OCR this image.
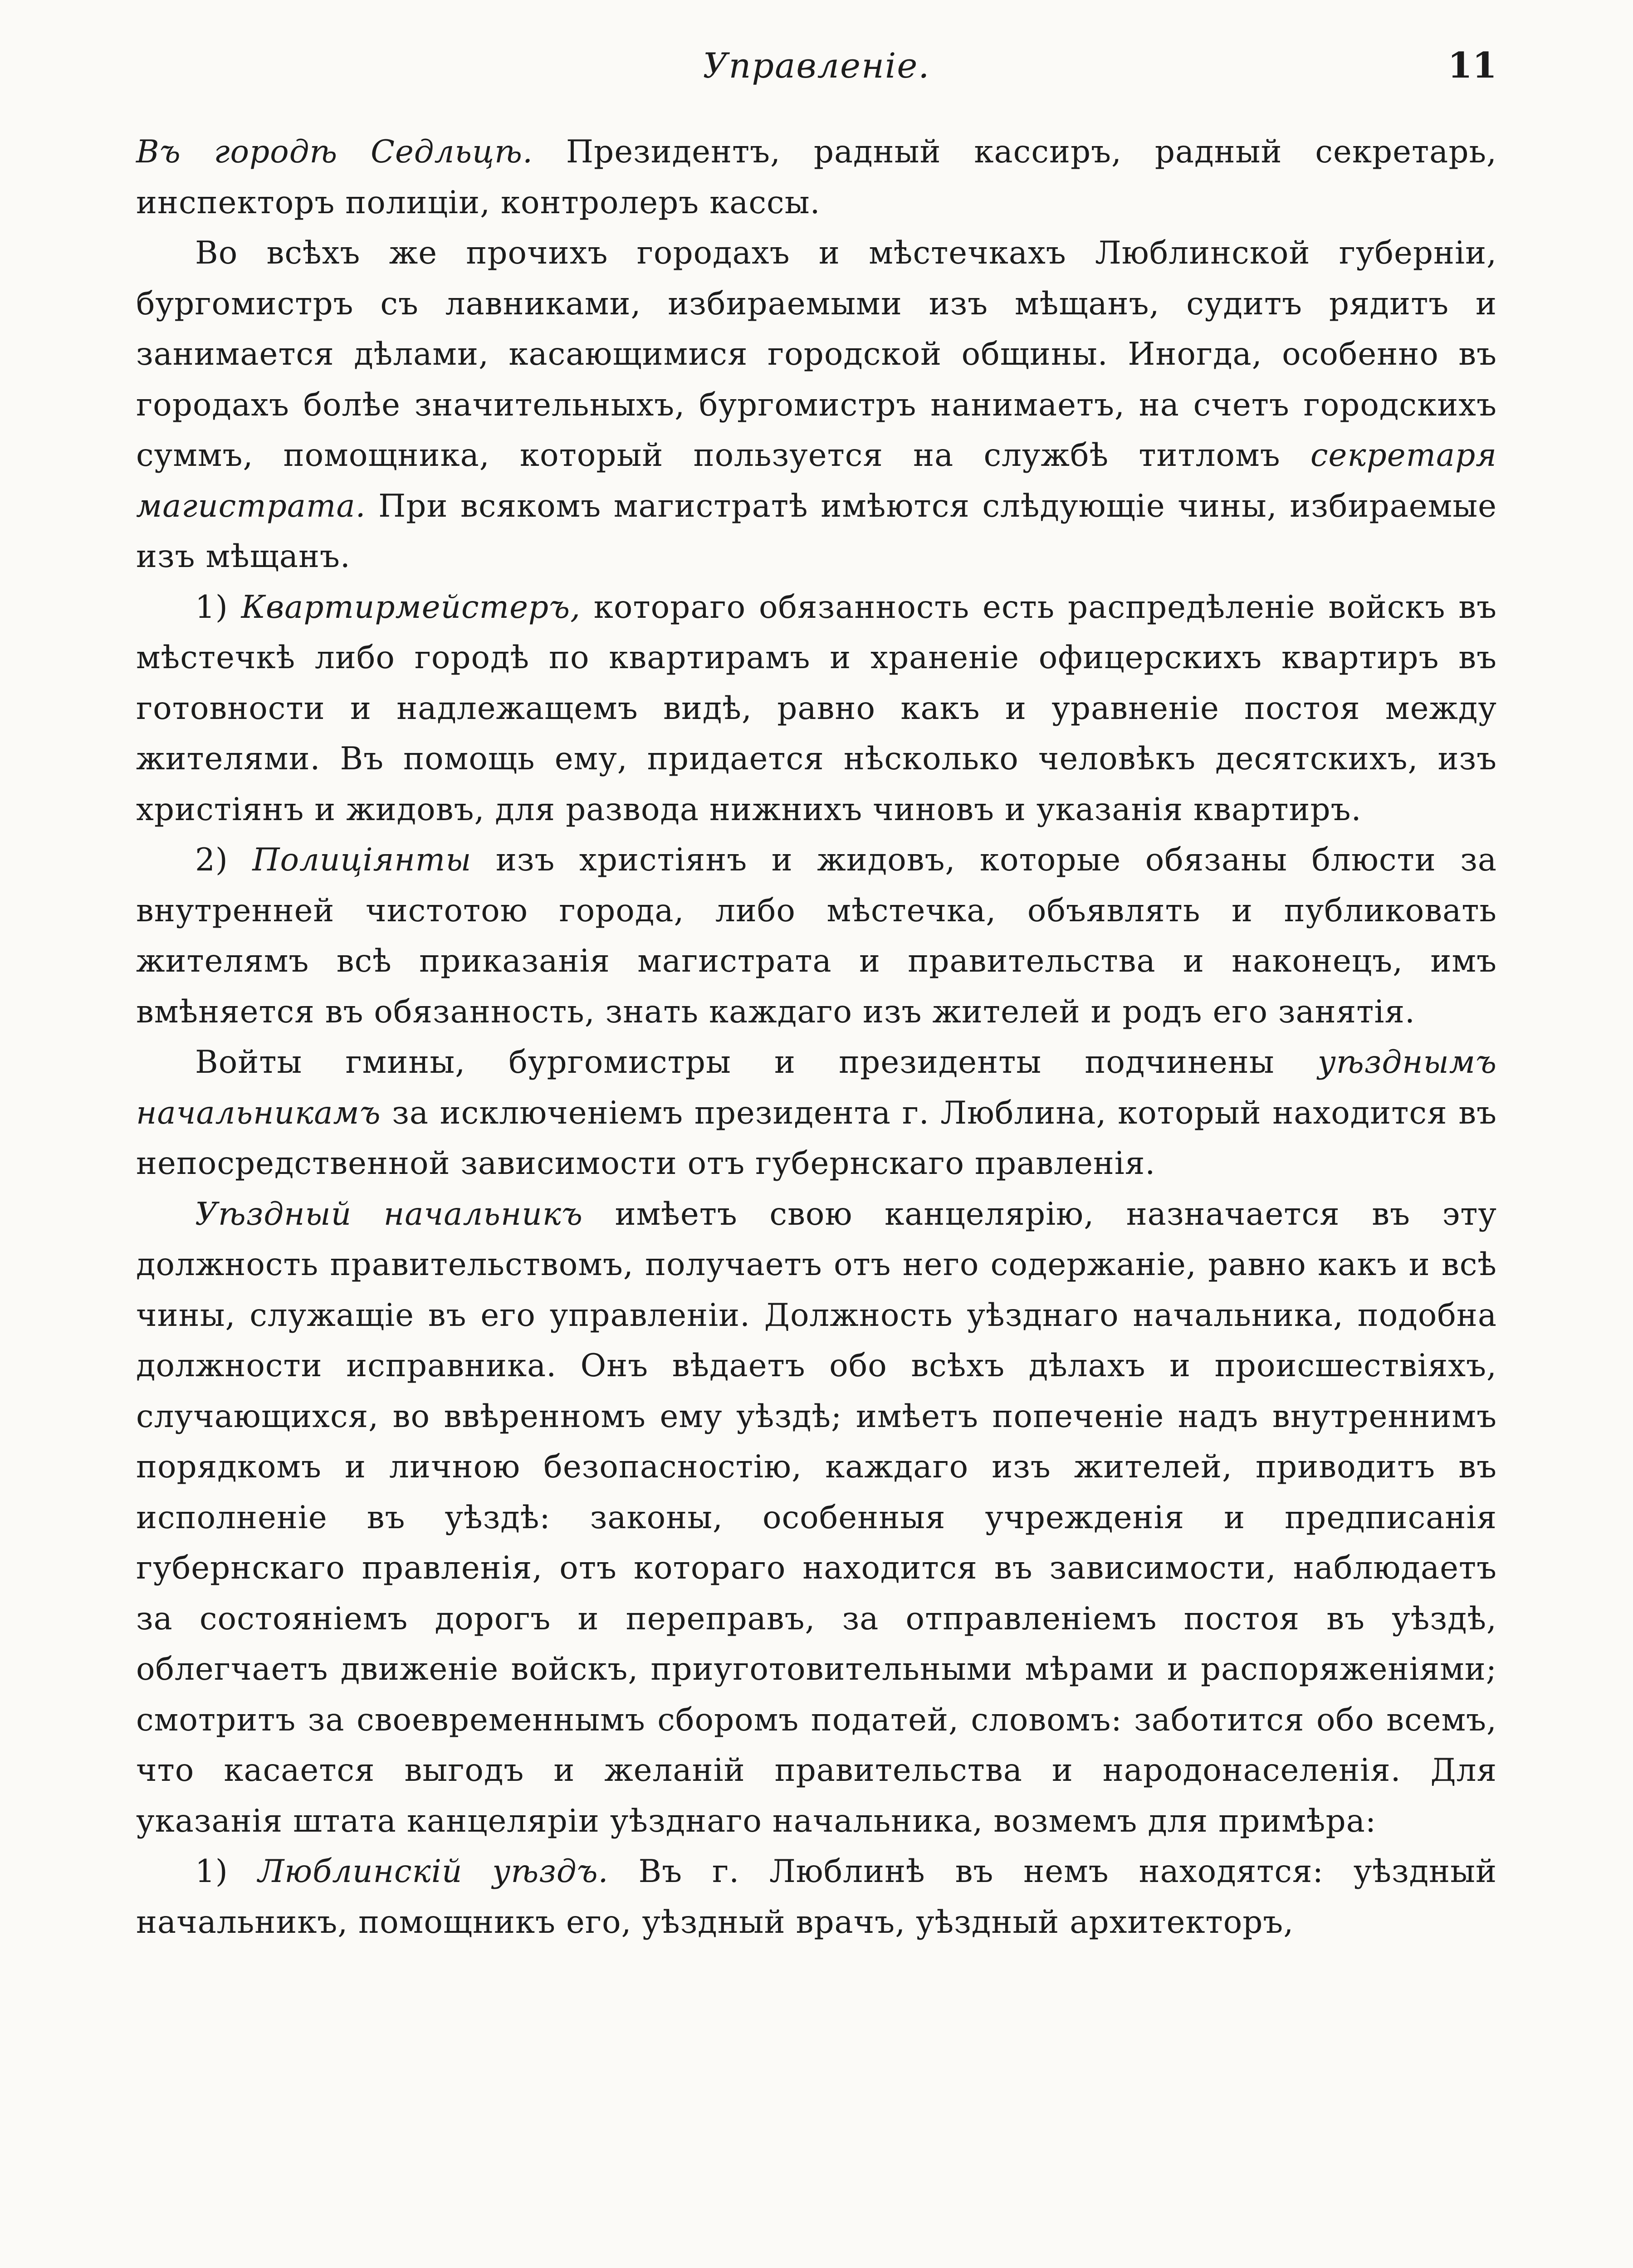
Управленіе.	11

Въ городѣ Седльцѣ. Президентъ, радный кассиръ, радный секретарь, инспекторъ полиціи, контролеръ кассы.

Во всѣхъ же прочихъ городахъ и мѣстечкахъ Люблинской губерніи, бургомистръ съ лавниками, избираемыми изъ мѣщанъ, судитъ рядитъ и занимается дѣлами, касающимися городской общины. Иногда, особенно въ городахъ болѣе значительныхъ, бургомистръ нанимаетъ, на счетъ городскихъ суммъ, помощника, который пользуется на службѣ титломъ секретаря магистрата. При всякомъ магистратѣ имѣются слѣдующіе чины, избираемые изъ мѣщанъ.

1) Квартирмейстеръ, котораго обязанность есть распредѣленіе войскъ въ мѣстечкѣ либо городѣ по квартирамъ и храненіе офицерскихъ квартиръ въ готовности и надлежащемъ видѣ, равно какъ и уравненіе постоя между жителями. Въ помощь ему, придается нѣсколько человѣкъ десятскихъ, изъ христіянъ и жидовъ, для развода нижнихъ чиновъ и указанія квартиръ.

2) Полиціянты изъ христіянъ и жидовъ, которые обязаны блюсти за внутренней чистотою города, либо мѣстечка, объявлять и публиковать жителямъ всѣ приказанія магистрата и правительства и наконецъ, имъ вмѣняется въ обязанность, знать каждаго изъ жителей и родъ его занятія.

Войты гмины, бургомистры и президенты подчинены уѣзднымъ начальникамъ за исключеніемъ президента г. Люблина, который находится въ непосредственной зависимости отъ губернскаго правленія.

Уѣздный начальникъ имѣетъ свою канцелярію, назначается въ эту должность правительствомъ, получаетъ отъ него содержаніе, равно какъ и всѣ чины, служащіе въ его управленіи. Должность уѣзднаго начальника, подобна должности исправника. Онъ вѣдаетъ обо всѣхъ дѣлахъ и происшествіяхъ, случающихся, во ввѣренномъ ему уѣздѣ; имѣетъ попеченіе надъ внутреннимъ порядкомъ и личною безопасностію, каждаго изъ жителей, приводитъ въ исполненіе въ уѣздѣ: законы, особенныя учрежденія и предписанія губернскаго правленія, отъ котораго находится въ зависимости, наблюдаетъ за состояніемъ дорогъ и переправъ, за отправленіемъ постоя въ уѣздѣ, облегчаетъ движеніе войскъ, приуготовительными мѣрами и распоряженіями; смотритъ за своевременнымъ сборомъ податей, словомъ: заботится обо всемъ, что касается выгодъ и желаній правительства и народонаселенія. Для указанія штата канцеляріи уѣзднаго начальника, возмемъ для примѣра:

1) Люблинскій уѣздъ. Въ г. Люблинѣ въ немъ находятся: уѣздный начальникъ, помощникъ его, уѣздный врачъ, уѣздный архитекторъ,
